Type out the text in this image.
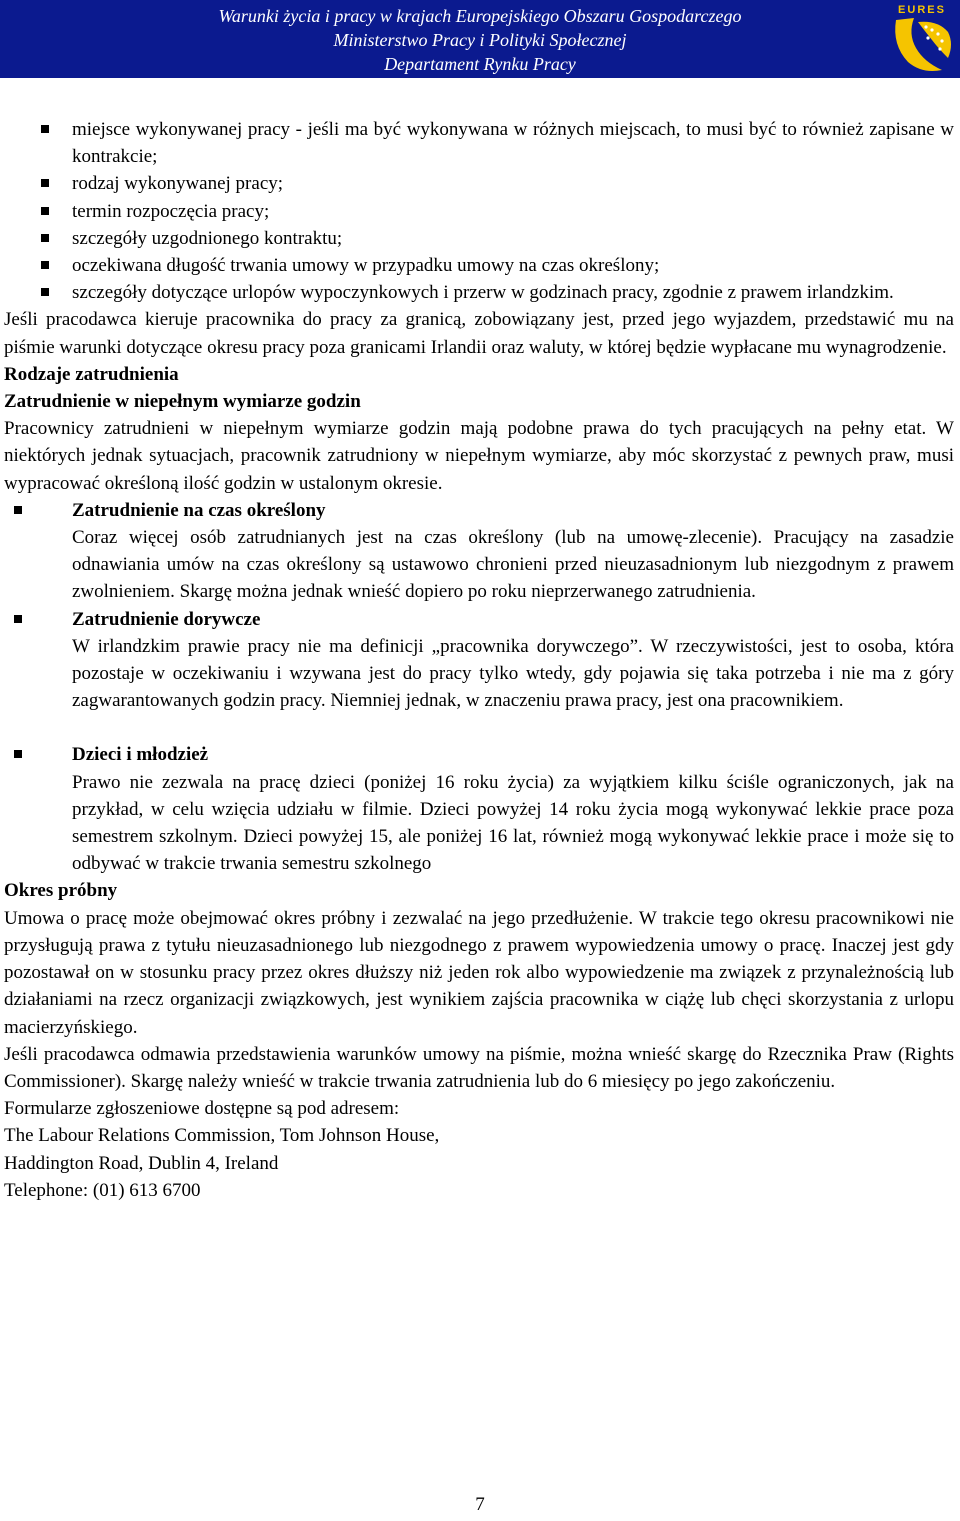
Warunki życia i pracy w krajach Europejskiego Obszaru Gospodarczego
Ministerstwo Pracy i Polityki Społecznej
Departament Rynku Pracy
EURES

miejsce wykonywanej pracy - jeśli ma być wykonywana w różnych miejscach, to musi być to również zapisane w kontrakcie;

rodzaj wykonywanej pracy;

termin rozpoczęcia pracy;

szczegóły uzgodnionego kontraktu;

oczekiwana długość trwania umowy w przypadku umowy na czas określony;

szczegóły dotyczące urlopów wypoczynkowych i przerw w godzinach pracy, zgodnie z prawem irlandzkim.

Jeśli pracodawca kieruje pracownika do pracy za granicą, zobowiązany jest, przed jego wyjazdem, przedstawić mu na piśmie warunki dotyczące okresu pracy poza granicami Irlandii oraz waluty, w której będzie wypłacane mu wynagrodzenie.

Rodzaje zatrudnienia

Zatrudnienie w niepełnym wymiarze godzin

Pracownicy zatrudnieni w niepełnym wymiarze godzin mają podobne prawa do tych pracujących na pełny etat. W niektórych jednak sytuacjach, pracownik zatrudniony w niepełnym wymiarze, aby móc skorzystać z pewnych praw, musi wypracować określoną ilość godzin w ustalonym okresie.

Zatrudnienie na czas określony

Coraz więcej osób zatrudnianych jest na czas określony (lub na umowę-zlecenie). Pracujący na zasadzie odnawiania umów na czas określony są ustawowo chronieni przed nieuzasadnionym lub niezgodnym z prawem zwolnieniem. Skargę można jednak wnieść dopiero po roku nieprzerwanego zatrudnienia.

Zatrudnienie dorywcze

W irlandzkim prawie pracy nie ma definicji „pracownika dorywczego”. W rzeczywistości, jest to osoba, która pozostaje w oczekiwaniu i wzywana jest do pracy tylko wtedy, gdy pojawia się taka potrzeba i nie ma z góry zagwarantowanych godzin pracy. Niemniej jednak, w znaczeniu prawa pracy, jest ona pracownikiem.

Dzieci i młodzież

Prawo nie zezwala na pracę dzieci (poniżej 16 roku życia) za wyjątkiem kilku ściśle ograniczonych, jak na przykład, w celu wzięcia udziału w filmie. Dzieci powyżej 14 roku życia mogą wykonywać lekkie prace poza semestrem szkolnym. Dzieci powyżej 15, ale poniżej 16 lat, również mogą wykonywać lekkie prace i może się to odbywać w trakcie trwania semestru szkolnego

Okres próbny

Umowa o pracę może obejmować okres próbny i zezwalać na jego przedłużenie. W trakcie tego okresu pracownikowi nie przysługują prawa z tytułu nieuzasadnionego lub niezgodnego z prawem wypowiedzenia umowy o pracę. Inaczej jest gdy pozostawał on w stosunku pracy przez okres dłuższy niż jeden rok albo wypowiedzenie ma związek z przynależnością lub działaniami na rzecz organizacji związkowych, jest wynikiem zajścia pracownika w ciążę lub chęci skorzystania z urlopu macierzyńskiego.

Jeśli pracodawca odmawia przedstawienia warunków umowy na piśmie, można wnieść skargę do Rzecznika Praw (Rights Commissioner). Skargę należy wnieść w trakcie trwania zatrudnienia lub do 6 miesięcy po jego zakończeniu.

Formularze zgłoszeniowe dostępne są pod adresem:

The Labour Relations Commission, Tom Johnson House,

Haddington Road, Dublin 4, Ireland

Telephone: (01) 613 6700

7
